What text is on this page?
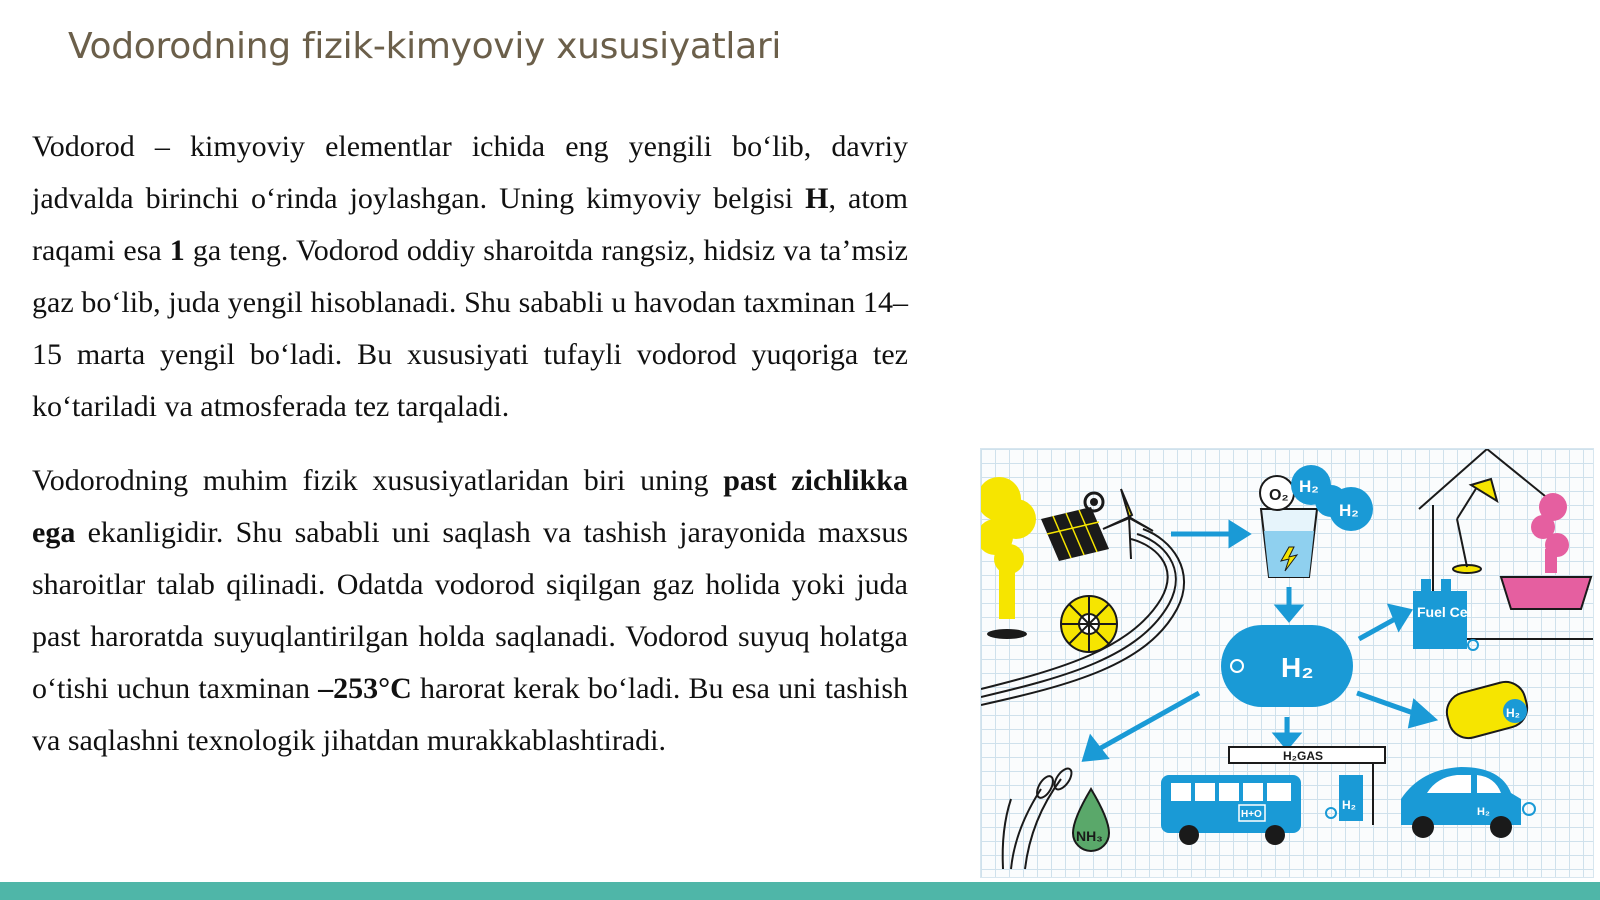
Vodorodning fizik-kimyoviy xususiyatlari

Vodorod – kimyoviy elementlar ichida eng yengili bo‘lib, davriy jadvalda birinchi o‘rinda joylashgan. Uning kimyoviy belgisi H, atom raqami esa 1 ga teng. Vodorod oddiy sharoitda rangsiz, hidsiz va ta’msiz gaz bo‘lib, juda yengil hisoblanadi. Shu sababli u havodan taxminan 14–15 marta yengil bo‘ladi. Bu xususiyati tufayli vodorod yuqoriga tez ko‘tariladi va atmosferada tez tarqaladi.

Vodorodning muhim fizik xususiyatlaridan biri uning past zichlikka ega ekanligidir. Shu sababli uni saqlash va tashish jarayonida maxsus sharoitlar talab qilinadi. Odatda vodorod siqilgan gaz holida yoki juda past haroratda suyuqlantirilgan holda saqlanadi. Vodorod suyuq holatga o‘tishi uchun taxminan –253°C harorat kerak bo‘ladi. Bu esa uni tashish va saqlashni texnologik jihatdan murakkablashtiradi.

O₂ H₂
H₂
H₂
Fuel Cell
H₂
H₂GAS
H₂
H+O	H₂
NH₃
